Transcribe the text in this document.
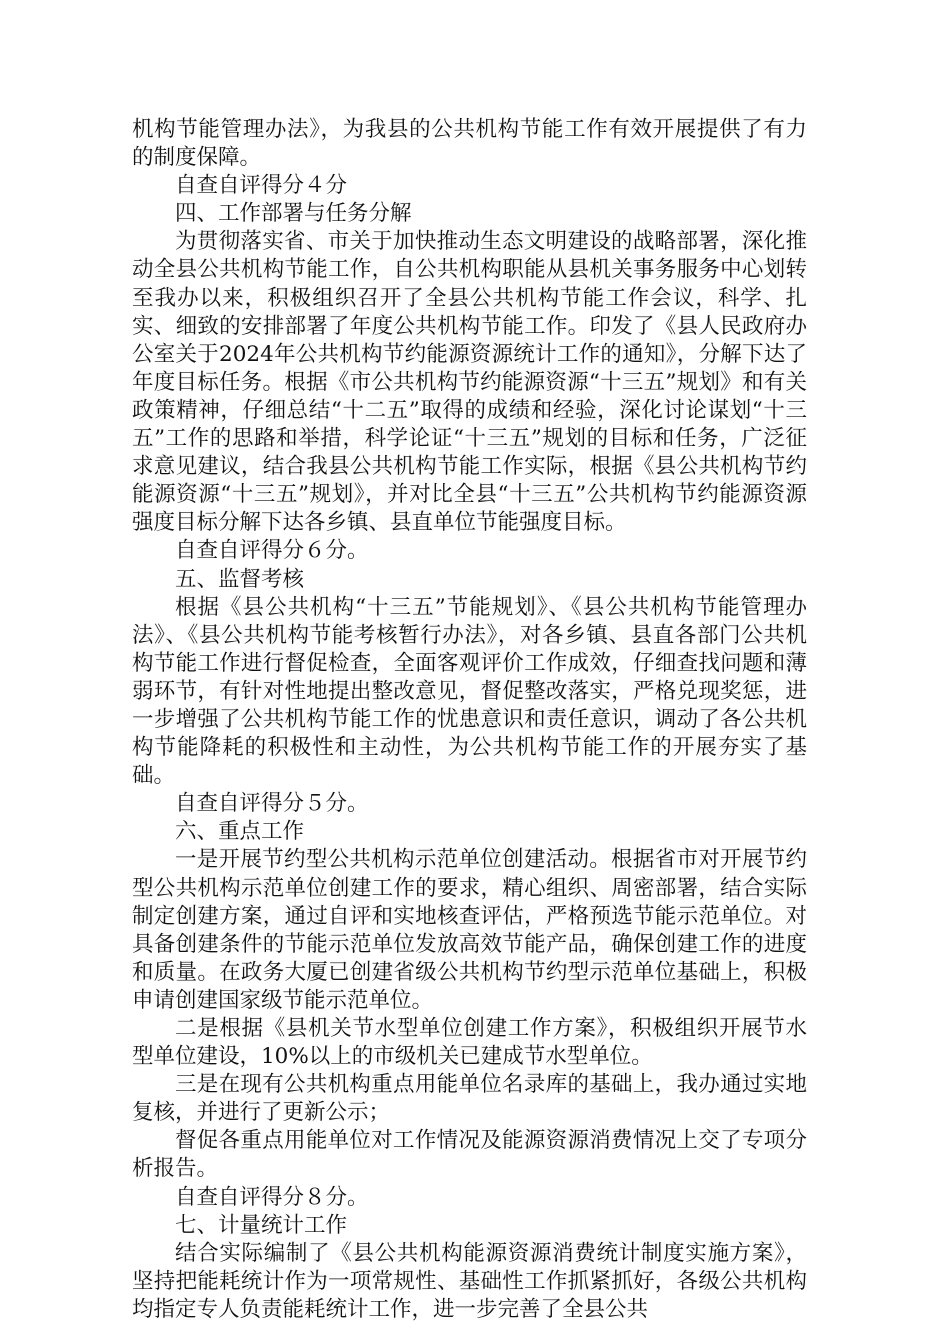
机构节能管理办法》，为我县的公共机构节能工作有效开展提供了有力的制度保障。

自查自评得分４分

四、工作部署与任务分解

为贯彻落实省、市关于加快推动生态文明建设的战略部署，深化推动全县公共机构节能工作，自公共机构职能从县机关事务服务中心划转至我办以来，积极组织召开了全县公共机构节能工作会议，科学、扎实、细致的安排部署了年度公共机构节能工作。印发了《县人民政府办公室关于2024年公共机构节约能源资源统计工作的通知》，分解下达了年度目标任务。根据《市公共机构节约能源资源“十三五”规划》和有关政策精神，仔细总结“十二五”取得的成绩和经验，深化讨论谋划“十三五”工作的思路和举措，科学论证“十三五”规划的目标和任务，广泛征求意见建议，结合我县公共机构节能工作实际，根据《县公共机构节约能源资源“十三五”规划》，并对比全县“十三五”公共机构节约能源资源强度目标分解下达各乡镇、县直单位节能强度目标。

自查自评得分６分。

五、监督考核

根据《县公共机构“十三五”节能规划》、《县公共机构节能管理办法》、《县公共机构节能考核暂行办法》，对各乡镇、县直各部门公共机构节能工作进行督促检查，全面客观评价工作成效，仔细查找问题和薄弱环节，有针对性地提出整改意见，督促整改落实，严格兑现奖惩，进一步增强了公共机构节能工作的忧患意识和责任意识，调动了各公共机构节能降耗的积极性和主动性，为公共机构节能工作的开展夯实了基础。

自查自评得分５分。

六、重点工作

一是开展节约型公共机构示范单位创建活动。根据省市对开展节约型公共机构示范单位创建工作的要求，精心组织、周密部署，结合实际制定创建方案，通过自评和实地核查评估，严格预选节能示范单位。对具备创建条件的节能示范单位发放高效节能产品，确保创建工作的进度和质量。在政务大厦已创建省级公共机构节约型示范单位基础上，积极申请创建国家级节能示范单位。

二是根据《县机关节水型单位创建工作方案》，积极组织开展节水型单位建设，10%以上的市级机关已建成节水型单位。

三是在现有公共机构重点用能单位名录库的基础上，我办通过实地复核，并进行了更新公示；

督促各重点用能单位对工作情况及能源资源消费情况上交了专项分析报告。

自查自评得分８分。

七、计量统计工作

结合实际编制了《县公共机构能源资源消费统计制度实施方案》，坚持把能耗统计作为一项常规性、基础性工作抓紧抓好，各级公共机构均指定专人负责能耗统计工作，进一步完善了全县公共
